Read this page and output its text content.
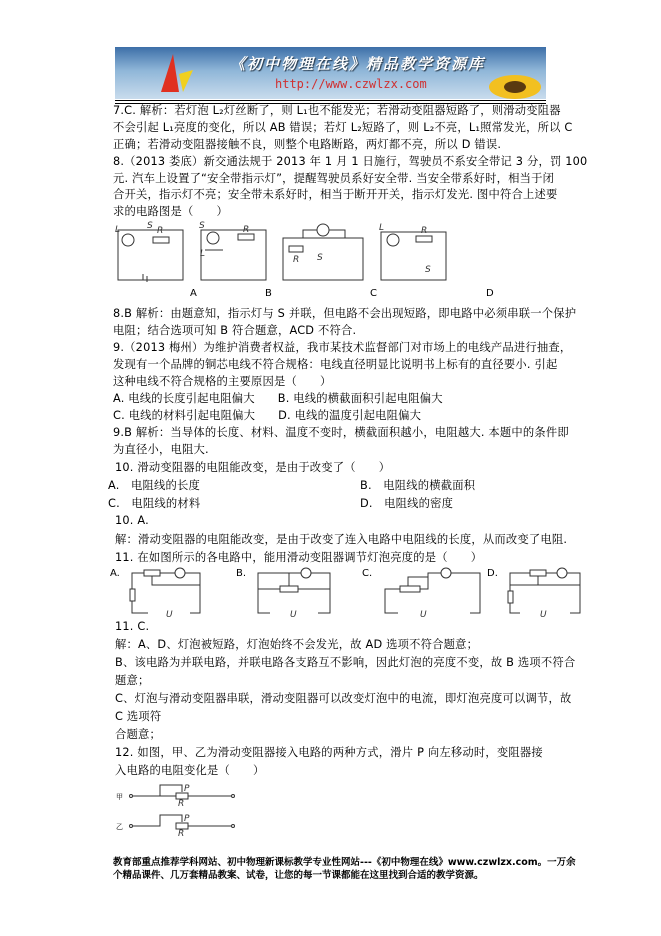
《初中物理在线》精品教学资源库
http://www.czwlzx.com
7.C. 解析：若灯泡 L₂灯丝断了，则 L₁也不能发光；若滑动变阻器短路了，则滑动变阻器
不会引起 L₁亮度的变化，所以 AB 错误；若灯 L₂短路了，则 L₂不亮，L₁照常发光，所以 C
正确；若滑动变阻器接触不良，则整个电路断路，两灯都不亮，所以 D 错误.
8.（2013 娄底）新交通法规于 2013 年 1 月 1 日施行，驾驶员不系安全带记 3 分，罚 100
元. 汽车上设置了“安全带指示灯”，提醒驾驶员系好安全带. 当安全带系好时，相当于闭
合开关，指示灯不亮；安全带未系好时，相当于断开开关，指示灯发光. 图中符合上述要
求的电路图是（　　）
L	R
S	S
L
R
R S
L	R
S
A	B	C	D
8.B 解析：由题意知，指示灯与 S 并联，但电路不会出现短路，即电路中必须串联一个保护
电阻；结合选项可知 B 符合题意，ACD 不符合.
9.（2013 梅州）为维护消费者权益，我市某技术监督部门对市场上的电线产品进行抽查，
发现有一个品牌的铜芯电线不符合规格：电线直径明显比说明书上标有的直径要小. 引起
这种电线不符合规格的主要原因是（　　）
A. 电线的长度引起电阻偏大　　B. 电线的横截面积引起电阻偏大
C. 电线的材料引起电阻偏大　　D. 电线的温度引起电阻偏大
9.B 解析：当导体的长度、材料、温度不变时，横截面积越小，电阻越大. 本题中的条件即
为直径小，电阻大.
10. 滑动变阻器的电阻能改变，是由于改变了（　　）
A.　电阻线的长度	B.　电阻线的横截面积
C.　电阻线的材料	D.　电阻线的密度
10. A.
解：滑动变阻器的电阻能改变，是由于改变了连入电路中电阻线的长度，从而改变了电阻.
11. 在如图所示的各电路中，能用滑动变阻器调节灯泡亮度的是（　　）
A.	B.	C.	D.
U	U	U	U
11. C.
解：A、D、灯泡被短路，灯泡始终不会发光，故 AD 选项不符合题意；
B、该电路为并联电路，并联电路各支路互不影响，因此灯泡的亮度不变，故 B 选项不符合
题意；
C、灯泡与滑动变阻器串联，滑动变阻器可以改变灯泡中的电流，即灯泡亮度可以调节，故
C 选项符
合题意；
12. 如图，甲、乙为滑动变阻器接入电路的两种方式，滑片 P 向左移动时，变阻器接
入电路的电阻变化是（　　）
甲
乙
P
R
P
R
教育部重点推荐学科网站、初中物理新课标教学专业性网站---《初中物理在线》www.czwlzx.com。一万余
个精品课件、几万套精品教案、试卷，让您的每一节课都能在这里找到合适的教学资源。
